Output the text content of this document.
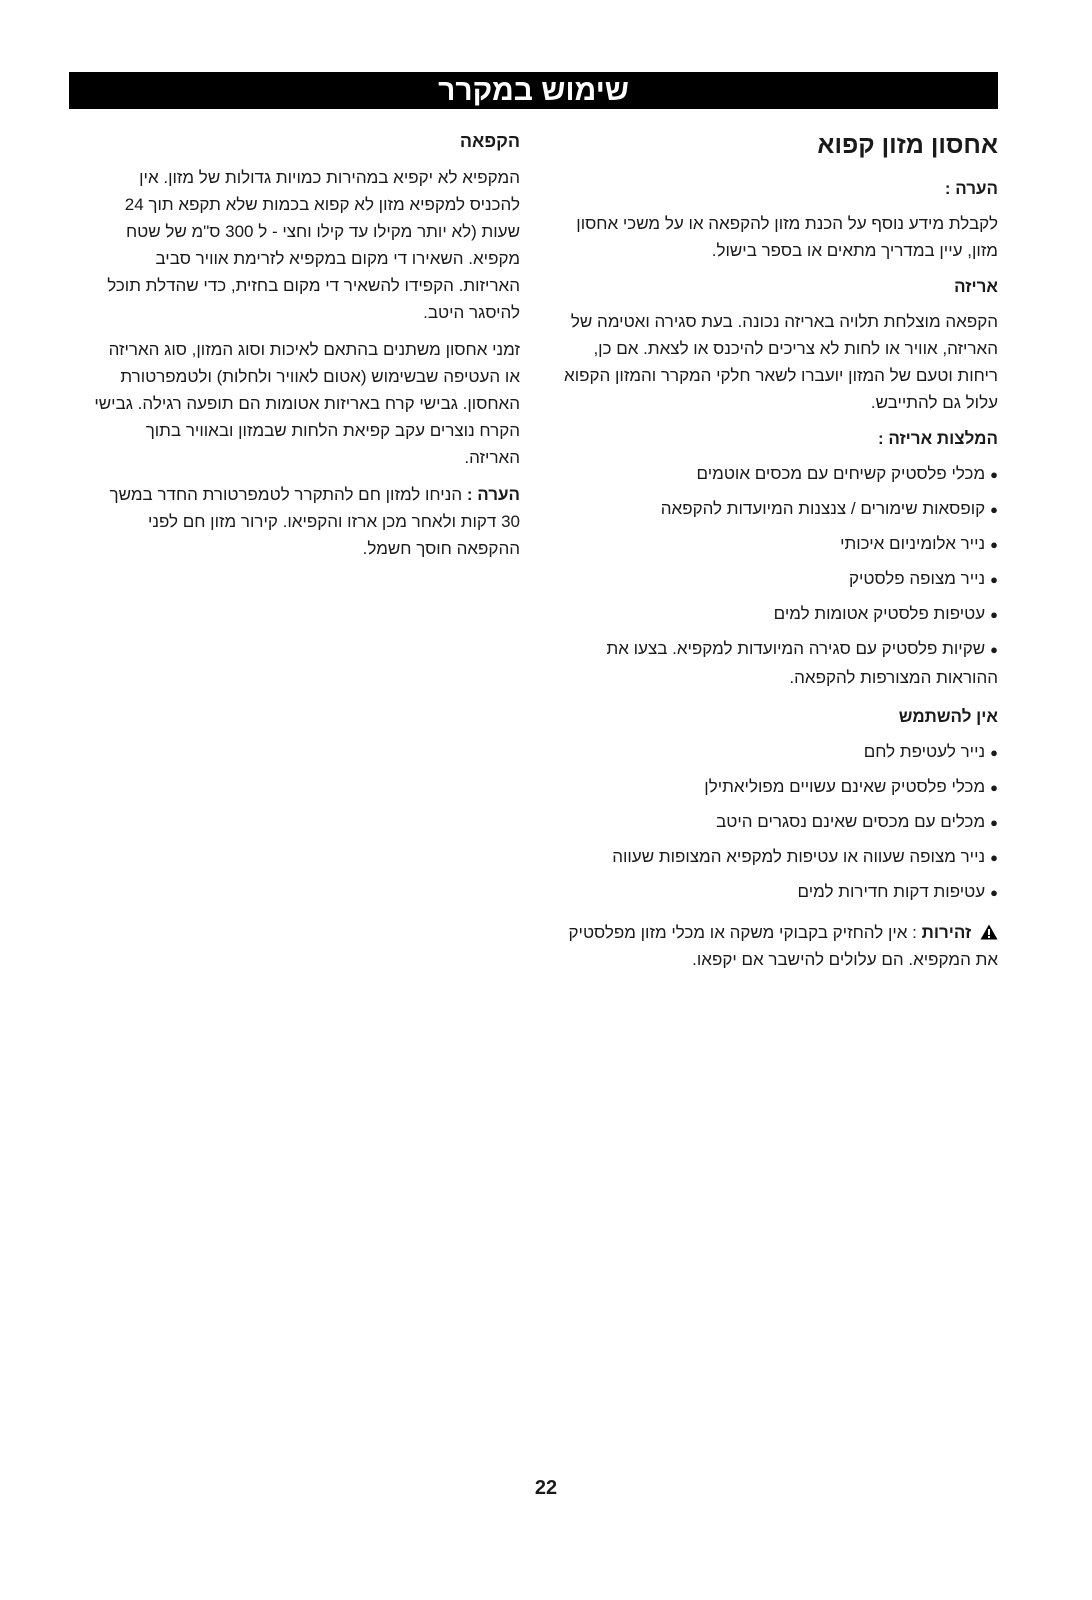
שימוש במקרר
אחסון מזון קפוא
הערה :

לקבלת מידע נוסף על הכנת מזון להקפאה או על משכי אחסון מזון, עיין במדריך מתאים או בספר בישול.

אריזה

הקפאה מוצלחת תלויה באריזה נכונה. בעת סגירה ואטימה של האריזה, אוויר או לחות לא צריכים להיכנס או לצאת. אם כן, ריחות וטעם של המזון יועברו לשאר חלקי המקרר והמזון הקפוא עלול גם להתייבש.

המלצות אריזה :
●מכלי פלסטיק קשיחים עם מכסים אוטמים
●קופסאות שימורים / צנצנות המיועדות להקפאה
●נייר אלומיניום איכותי
●נייר מצופה פלסטיק
●עטיפות פלסטיק אטומות למים
●שקיות פלסטיק עם סגירה המיועדות למקפיא. בצעו את ההוראות המצורפות להקפאה.
אין להשתמש
●נייר לעטיפת לחם
●מכלי פלסטיק שאינם עשויים מפוליאתילן
●מכלים עם מכסים שאינם נסגרים היטב
●נייר מצופה שעווה או עטיפות למקפיא המצופות שעווה
●עטיפות דקות חדירות למים
זהירות : אין להחזיק בקבוקי משקה או מכלי מזון מפלסטיק את המקפיא. הם עלולים להישבר אם יקפאו.
הקפאה

המקפיא לא יקפיא במהירות כמויות גדולות של מזון. אין להכניס למקפיא מזון לא קפוא בכמות שלא תקפא תוך 24 שעות (לא יותר מקילו עד קילו וחצי - ל 300 ס"מ של שטח מקפיא. השאירו די מקום במקפיא לזרימת אוויר סביב האריזות. הקפידו להשאיר די מקום בחזית, כדי שהדלת תוכל להיסגר היטב.

זמני אחסון משתנים בהתאם לאיכות וסוג המזון, סוג האריזה או העטיפה שבשימוש (אטום לאוויר ולחלות) ולטמפרטורת האחסון. גבישי קרח באריזות אטומות הם תופעה רגילה. גבישי הקרח נוצרים עקב קפיאת הלחות שבמזון ובאוויר בתוך האריזה.

הערה : הניחו למזון חם להתקרר לטמפרטורת החדר במשך 30 דקות ולאחר מכן ארזו והקפיאו. קירור מזון חם לפני ההקפאה חוסך חשמל.

22
